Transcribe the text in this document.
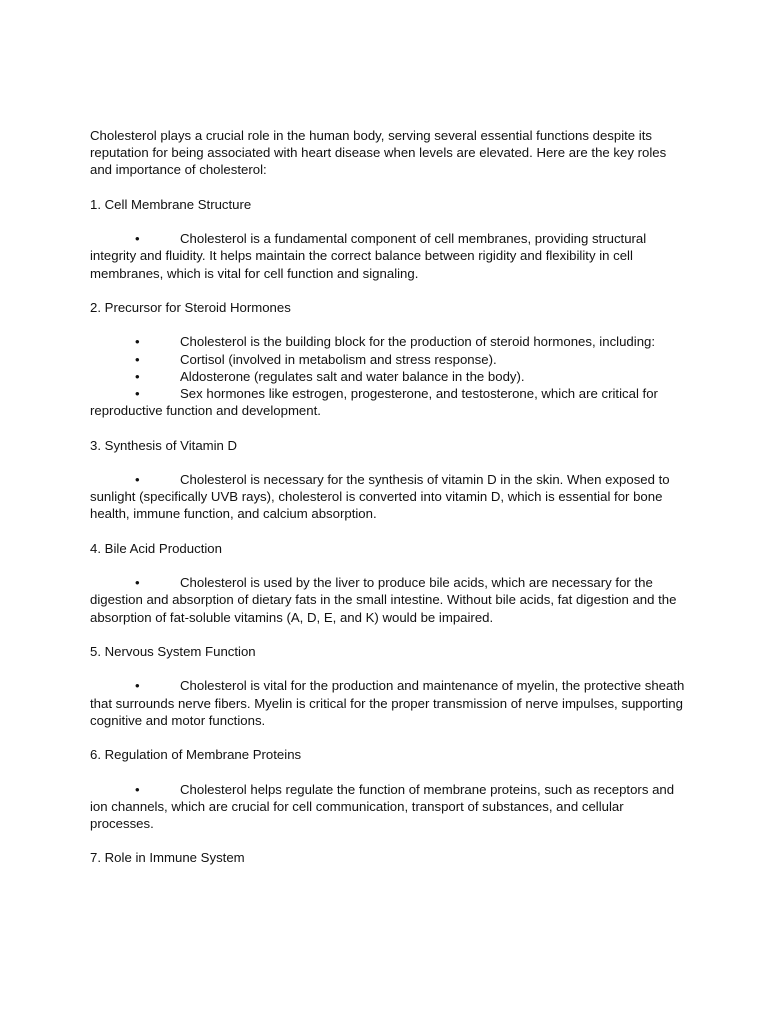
Cholesterol plays a crucial role in the human body, serving several essential functions despite its reputation for being associated with heart disease when levels are elevated. Here are the key roles and importance of cholesterol:

1. Cell Membrane Structure

•	Cholesterol is a fundamental component of cell membranes, providing structural integrity and fluidity. It helps maintain the correct balance between rigidity and flexibility in cell membranes, which is vital for cell function and signaling.

2. Precursor for Steroid Hormones

•	Cholesterol is the building block for the production of steroid hormones, including:

•	Cortisol (involved in metabolism and stress response).

•	Aldosterone (regulates salt and water balance in the body).

•	Sex hormones like estrogen, progesterone, and testosterone, which are critical for reproductive function and development.

3. Synthesis of Vitamin D

•	Cholesterol is necessary for the synthesis of vitamin D in the skin. When exposed to sunlight (specifically UVB rays), cholesterol is converted into vitamin D, which is essential for bone health, immune function, and calcium absorption.

4. Bile Acid Production

•	Cholesterol is used by the liver to produce bile acids, which are necessary for the digestion and absorption of dietary fats in the small intestine. Without bile acids, fat digestion and the absorption of fat-soluble vitamins (A, D, E, and K) would be impaired.

5. Nervous System Function

•	Cholesterol is vital for the production and maintenance of myelin, the protective sheath that surrounds nerve fibers. Myelin is critical for the proper transmission of nerve impulses, supporting cognitive and motor functions.

6. Regulation of Membrane Proteins

•	Cholesterol helps regulate the function of membrane proteins, such as receptors and ion channels, which are crucial for cell communication, transport of substances, and cellular processes.

7. Role in Immune System
